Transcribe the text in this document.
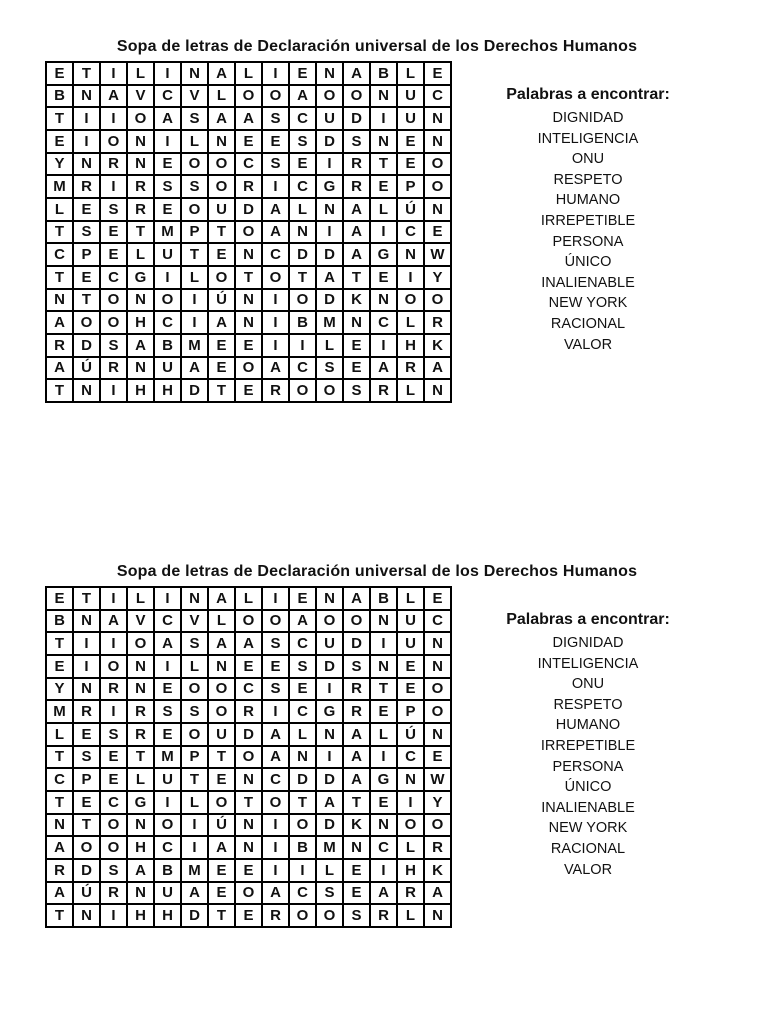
Sopa de letras de Declaración universal de los Derechos Humanos
E	T	I	L	I	N	A	L	I	E	N	A	B	L	E
B	N	A	V	C	V	L	O	O	A	O	O	N	U	C
T	I	I	O	A	S	A	A	S	C	U	D	I	U	N
E	I	O	N	I	L	N	E	E	S	D	S	N	E	N
Y	N	R	N	E	O	O	C	S	E	I	R	T	E	O
M	R	I	R	S	S	O	R	I	C	G	R	E	P	O
L	E	S	R	E	O	U	D	A	L	N	A	L	Ú	N
T	S	E	T	M	P	T	O	A	N	I	A	I	C	E
C	P	E	L	U	T	E	N	C	D	D	A	G	N	W
T	E	C	G	I	L	O	T	O	T	A	T	E	I	Y
N	T	O	N	O	I	Ú	N	I	O	D	K	N	O	O
A	O	O	H	C	I	A	N	I	B	M	N	C	L	R
R	D	S	A	B	M	E	E	I	I	L	E	I	H	K
A	Ú	R	N	U	A	E	O	A	C	S	E	A	R	A
T	N	I	H	H	D	T	E	R	O	O	S	R	L	N
Palabras a encontrar:
DIGNIDAD
INTELIGENCIA
ONU
RESPETO
HUMANO
IRREPETIBLE
PERSONA
ÚNICO
INALIENABLE
NEW YORK
RACIONAL
VALOR
Sopa de letras de Declaración universal de los Derechos Humanos
E	T	I	L	I	N	A	L	I	E	N	A	B	L	E
B	N	A	V	C	V	L	O	O	A	O	O	N	U	C
T	I	I	O	A	S	A	A	S	C	U	D	I	U	N
E	I	O	N	I	L	N	E	E	S	D	S	N	E	N
Y	N	R	N	E	O	O	C	S	E	I	R	T	E	O
M	R	I	R	S	S	O	R	I	C	G	R	E	P	O
L	E	S	R	E	O	U	D	A	L	N	A	L	Ú	N
T	S	E	T	M	P	T	O	A	N	I	A	I	C	E
C	P	E	L	U	T	E	N	C	D	D	A	G	N	W
T	E	C	G	I	L	O	T	O	T	A	T	E	I	Y
N	T	O	N	O	I	Ú	N	I	O	D	K	N	O	O
A	O	O	H	C	I	A	N	I	B	M	N	C	L	R
R	D	S	A	B	M	E	E	I	I	L	E	I	H	K
A	Ú	R	N	U	A	E	O	A	C	S	E	A	R	A
T	N	I	H	H	D	T	E	R	O	O	S	R	L	N
Palabras a encontrar:
DIGNIDAD
INTELIGENCIA
ONU
RESPETO
HUMANO
IRREPETIBLE
PERSONA
ÚNICO
INALIENABLE
NEW YORK
RACIONAL
VALOR
